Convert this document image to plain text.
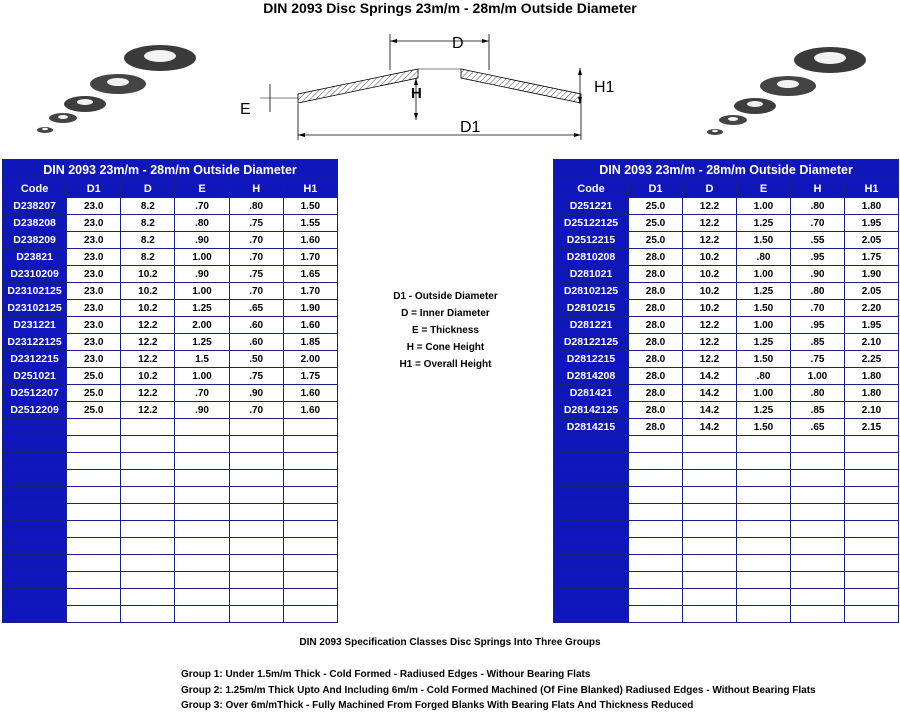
DIN 2093 Disc Springs 23m/m - 28m/m Outside Diameter
D
H	H1
E
D1
DIN 2093 23m/m - 28m/m Outside Diameter					
Code	D1	D	E	H	H1
D238207	23.0	8.2	.70	.80	1.50
D238208	23.0	8.2	.80	.75	1.55
D238209	23.0	8.2	.90	.70	1.60
D23821	23.0	8.2	1.00	.70	1.70
D2310209	23.0	10.2	.90	.75	1.65
D23102125	23.0	10.2	1.00	.70	1.70
D23102125	23.0	10.2	1.25	.65	1.90
D231221	23.0	12.2	2.00	.60	1.60
D23122125	23.0	12.2	1.25	.60	1.85
D2312215	23.0	12.2	1.5	.50	2.00
D251021	25.0	10.2	1.00	.75	1.75
D2512207	25.0	12.2	.70	.90	1.60
D2512209	25.0	12.2	.90	.70	1.60

DIN 2093 23m/m - 28m/m Outside Diameter					
Code	D1	D	E	H	H1
D251221	25.0	12.2	1.00	.80	1.80
D25122125	25.0	12.2	1.25	.70	1.95
D2512215	25.0	12.2	1.50	.55	2.05
D2810208	28.0	10.2	.80	.95	1.75
D281021	28.0	10.2	1.00	.90	1.90
D28102125	28.0	10.2	1.25	.80	2.05
D2810215	28.0	10.2	1.50	.70	2.20
D281221	28.0	12.2	1.00	.95	1.95
D28122125	28.0	12.2	1.25	.85	2.10
D2812215	28.0	12.2	1.50	.75	2.25
D2814208	28.0	14.2	.80	1.00	1.80
D281421	28.0	14.2	1.00	.80	1.80
D28142125	28.0	14.2	1.25	.85	2.10
D2814215	28.0	14.2	1.50	.65	2.15

D1 - Outside Diameter
D = Inner Diameter
E = Thickness
H = Cone Height
H1 = Overall Height
DIN 2093 Specification Classes Disc Springs Into Three Groups
Group 1: Under 1.5m/m Thick - Cold Formed - Radiused Edges - Withour Bearing Flats
Group 2: 1.25m/m Thick Upto And Including 6m/m - Cold Formed Machined (Of Fine Blanked) Radiused Edges - Without Bearing Flats
Group 3: Over 6m/mThick - Fully Machined From Forged Blanks With Bearing Flats And Thickness Reduced
